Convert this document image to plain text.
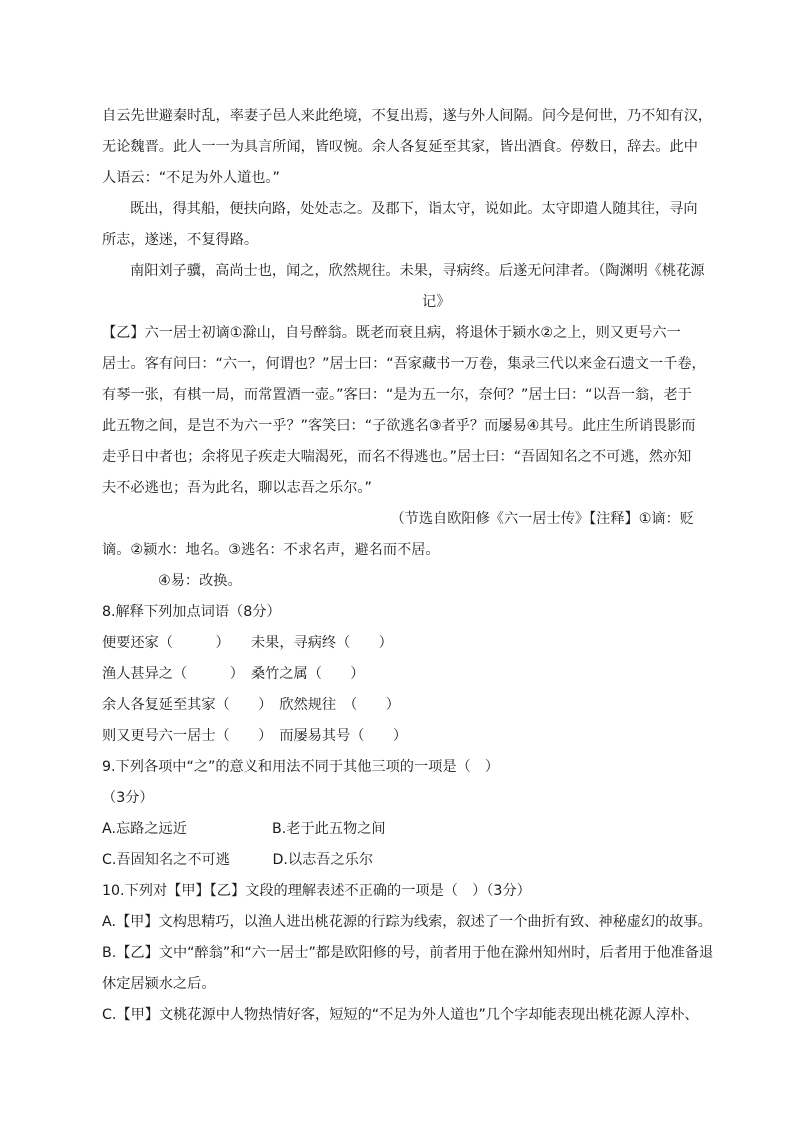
自云先世避秦时乱，率妻子邑人来此绝境，不复出焉，遂与外人间隔。问今是何世，乃不知有汉，
无论魏晋。此人一一为具言所闻，皆叹惋。余人各复延至其家，皆出酒食。停数日，辞去。此中
人语云：“不足为外人道也。”
既出，得其船，便扶向路，处处志之。及郡下，诣太守，说如此。太守即遣人随其往，寻向
所志，遂迷，不复得路。
南阳刘子骥，高尚士也，闻之，欣然规往。未果，寻病终。后遂无问津者。（陶渊明《桃花源
记》
【乙】六一居士初谪①滁山，自号醉翁。既老而衰且病，将退休于颍水②之上，则又更号六一
居士。客有问曰：“六一，何谓也？”居士曰：“吾家藏书一万卷，集录三代以来金石遗文一千卷，
有琴一张，有棋一局，而常置酒一壶。”客曰：“是为五一尔，奈何？”居士曰：“以吾一翁，老于
此五物之间，是岂不为六一乎？”客笑曰：“子欲逃名③者乎？而屡易④其号。此庄生所诮畏影而
走乎日中者也；余将见子疾走大喘渴死，而名不得逃也。”居士曰：“吾固知名之不可逃，然亦知
夫不必逃也；吾为此名，聊以志吾之乐尔。”
（节选自欧阳修《六一居士传》【注释】①谪：贬
谪。②颍水：地名。③逃名：不求名声，避名而不居。
④易：改换。
8.解释下列加点词语（8分）
便要还家（　　　）　　未果，寻病终（　　）
渔人甚异之（　　　）　桑竹之属（　　）
余人各复延至其家（　　）　欣然规往　（　　）
则又更号六一居士（　　）　而屡易其号（　　）
9.下列各项中“之”的意义和用法不同于其他三项的一项是（　）
（3分）
A.忘路之远近　　　　　　B.老于此五物之间
C.吾固知名之不可逃　　　D.以志吾之乐尔
10.下列对【甲】【乙】文段的理解表述不正确的一项是（　）（3分）
A.【甲】文构思精巧，以渔人进出桃花源的行踪为线索，叙述了一个曲折有致、神秘虚幻的故事。
B.【乙】文中“醉翁”和“六一居士”都是欧阳修的号，前者用于他在滁州知州时，后者用于他准备退
休定居颍水之后。
C.【甲】文桃花源中人物热情好客，短短的“不足为外人道也”几个字却能表现出桃花源人淳朴、
